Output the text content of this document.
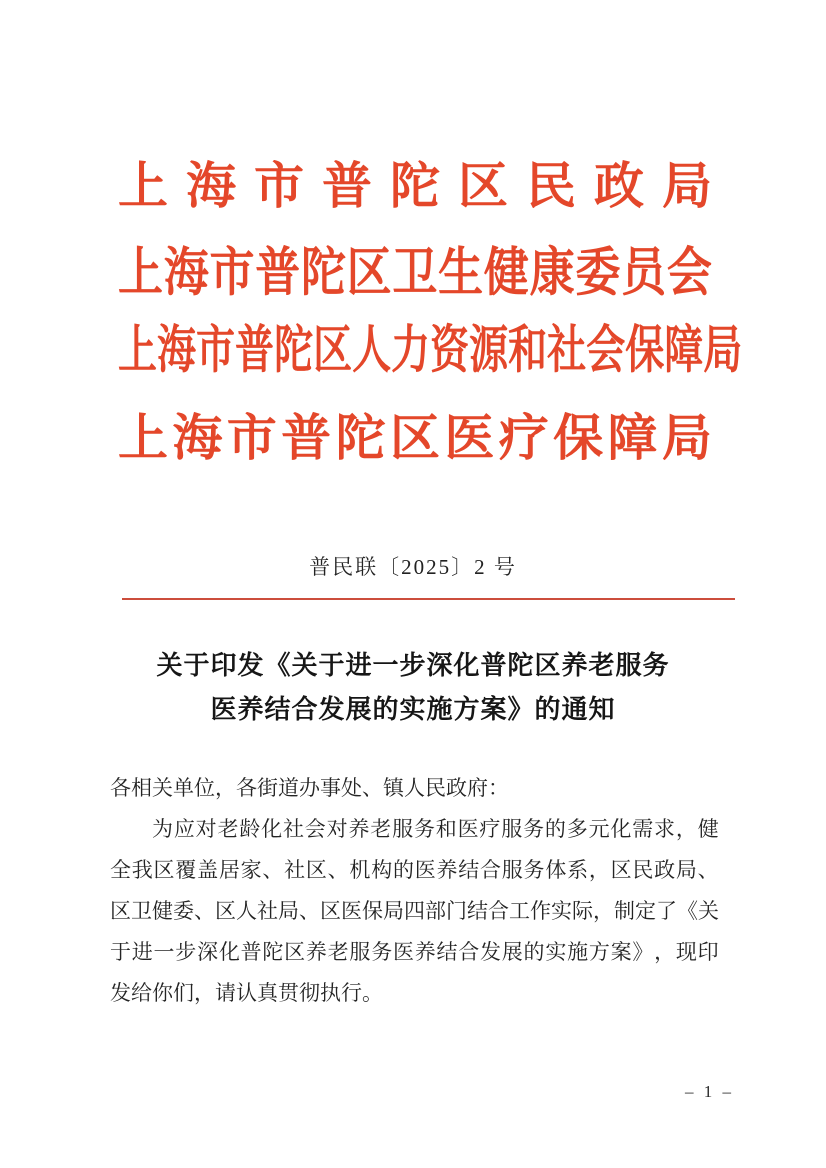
上 海 市 普 陀 区 民 政 局
上 海 市 普 陀 区 卫 生 健 康 委 员 会
上 海 市 普 陀 区 人 力 资 源 和 社 会 保 障 局
上 海 市 普 陀 区 医 疗 保 障 局
普民联〔2025〕2 号
关于印发《关于进一步深化普陀区养老服务
医养结合发展的实施方案》的通知
各相关单位，各街道办事处、镇人民政府：
为 应 对 老 龄 化 社 会 对 养 老 服 务 和 医 疗 服 务 的 多 元 化 需 求 ， 健
全 我 区 覆 盖 居 家 、 社 区 、 机 构 的 医 养 结 合 服 务 体 系 ， 区 民 政 局 、
区 卫 健 委 、 区 人 社 局 、 区 医 保 局 四 部 门 结 合 工 作 实 际 ， 制 定 了 《 关
于 进 一 步 深 化 普 陀 区 养 老 服 务 医 养 结 合 发 展 的 实 施 方 案 》 ， 现 印
发给你们，请认真贯彻执行。
– 1 –
